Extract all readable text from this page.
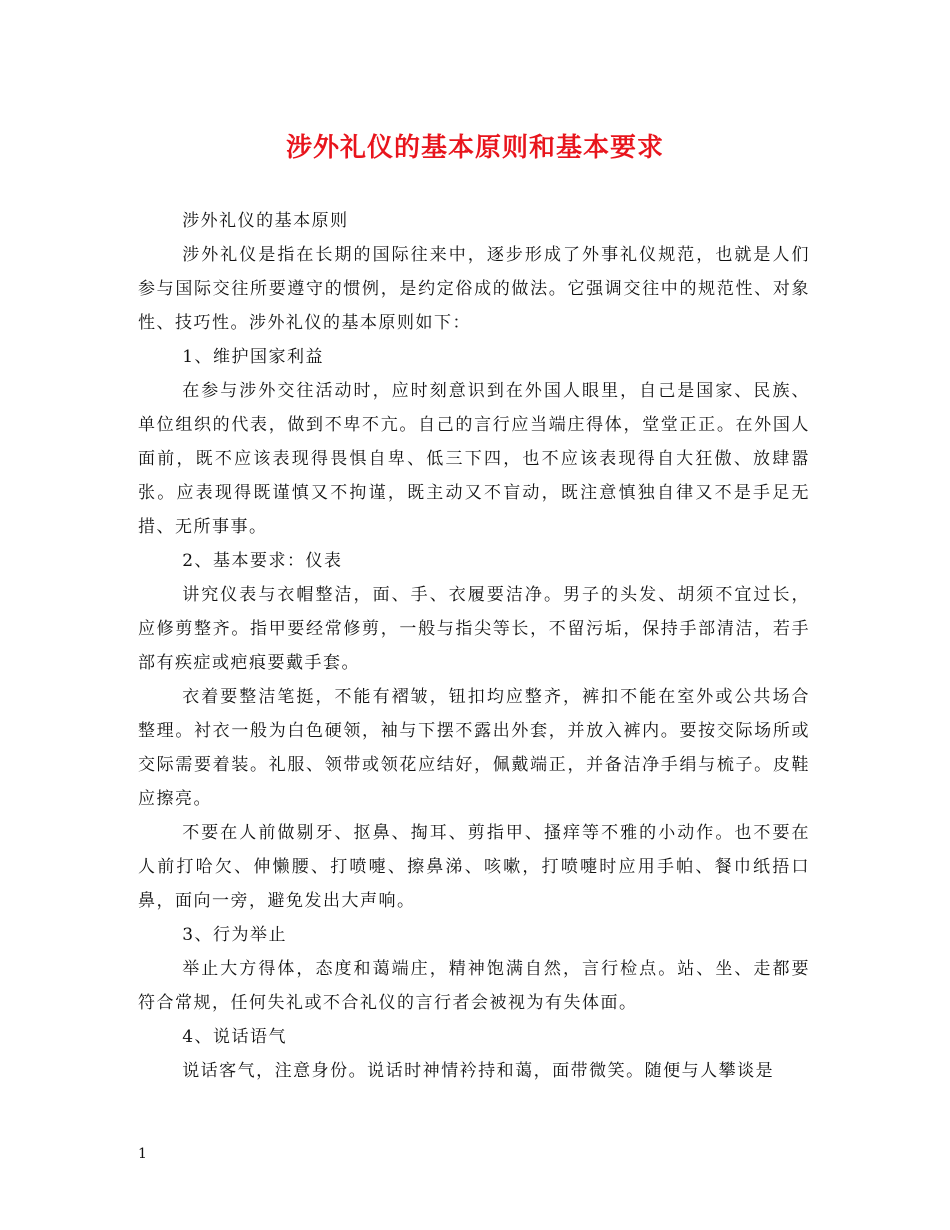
涉外礼仪的基本原则和基本要求

涉外礼仪的基本原则

涉外礼仪是指在长期的国际往来中，逐步形成了外事礼仪规范，也就是人们参与国际交往所要遵守的惯例，是约定俗成的做法。它强调交往中的规范性、对象性、技巧性。涉外礼仪的基本原则如下：

1、维护国家利益

在参与涉外交往活动时，应时刻意识到在外国人眼里，自己是国家、民族、单位组织的代表，做到不卑不亢。自己的言行应当端庄得体，堂堂正正。在外国人面前，既不应该表现得畏惧自卑、低三下四，也不应该表现得自大狂傲、放肆嚣张。应表现得既谨慎又不拘谨，既主动又不盲动，既注意慎独自律又不是手足无措、无所事事。

2、基本要求：仪表

讲究仪表与衣帽整洁，面、手、衣履要洁净。男子的头发、胡须不宜过长，应修剪整齐。指甲要经常修剪，一般与指尖等长，不留污垢，保持手部清洁，若手部有疾症或疤痕要戴手套。

衣着要整洁笔挺，不能有褶皱，钮扣均应整齐，裤扣不能在室外或公共场合整理。衬衣一般为白色硬领，袖与下摆不露出外套，并放入裤内。要按交际场所或交际需要着装。礼服、领带或领花应结好，佩戴端正，并备洁净手绢与梳子。皮鞋应擦亮。

不要在人前做剔牙、抠鼻、掏耳、剪指甲、搔痒等不雅的小动作。也不要在人前打哈欠、伸懒腰、打喷嚏、擦鼻涕、咳嗽，打喷嚏时应用手帕、餐巾纸捂口鼻，面向一旁，避免发出大声响。

3、行为举止

举止大方得体，态度和蔼端庄，精神饱满自然，言行检点。站、坐、走都要符合常规，任何失礼或不合礼仪的言行者会被视为有失体面。

4、说话语气

说话客气，注意身份。说话时神情衿持和蔼，面带微笑。随便与人攀谈是

1
